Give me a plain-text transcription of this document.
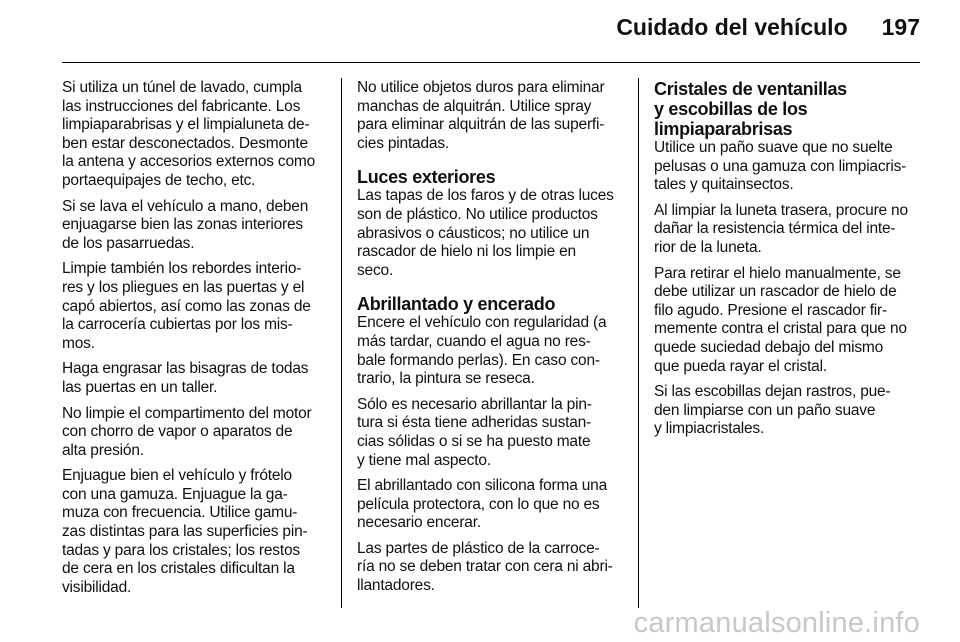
Cuidado del vehículo 197

Si utiliza un túnel de lavado, cumpla
las instrucciones del fabricante. Los
limpiaparabrisas y el limpialuneta de-
ben estar desconectados. Desmonte
la antena y accesorios externos como
portaequipajes de techo, etc.

Si se lava el vehículo a mano, deben
enjuagarse bien las zonas interiores
de los pasarruedas.

Limpie también los rebordes interio-
res y los pliegues en las puertas y el
capó abiertos, así como las zonas de
la carrocería cubiertas por los mis-
mos.

Haga engrasar las bisagras de todas
las puertas en un taller.

No limpie el compartimento del motor
con chorro de vapor o aparatos de
alta presión.

Enjuague bien el vehículo y frótelo
con una gamuza. Enjuague la ga-
muza con frecuencia. Utilice gamu-
zas distintas para las superficies pin-
tadas y para los cristales; los restos
de cera en los cristales dificultan la
visibilidad.

No utilice objetos duros para eliminar
manchas de alquitrán. Utilice spray
para eliminar alquitrán de las superfi-
cies pintadas.

Luces exteriores

Las tapas de los faros y de otras luces
son de plástico. No utilice productos
abrasivos o cáusticos; no utilice un
rascador de hielo ni los limpie en
seco.

Abrillantado y encerado

Encere el vehículo con regularidad (a
más tardar, cuando el agua no res-
bale formando perlas). En caso con-
trario, la pintura se reseca.

Sólo es necesario abrillantar la pin-
tura si ésta tiene adheridas sustan-
cias sólidas o si se ha puesto mate
y tiene mal aspecto.

El abrillantado con silicona forma una
película protectora, con lo que no es
necesario encerar.

Las partes de plástico de la carroce-
ría no se deben tratar con cera ni abri-
llantadores.

Cristales de ventanillas
y escobillas de los
limpiaparabrisas

Utilice un paño suave que no suelte
pelusas o una gamuza con limpiacris-
tales y quitainsectos.

Al limpiar la luneta trasera, procure no
dañar la resistencia térmica del inte-
rior de la luneta.

Para retirar el hielo manualmente, se
debe utilizar un rascador de hielo de
filo agudo. Presione el rascador fir-
memente contra el cristal para que no
quede suciedad debajo del mismo
que pueda rayar el cristal.

Si las escobillas dejan rastros, pue-
den limpiarse con un paño suave
y limpiacristales.

carmanualsonline.info
